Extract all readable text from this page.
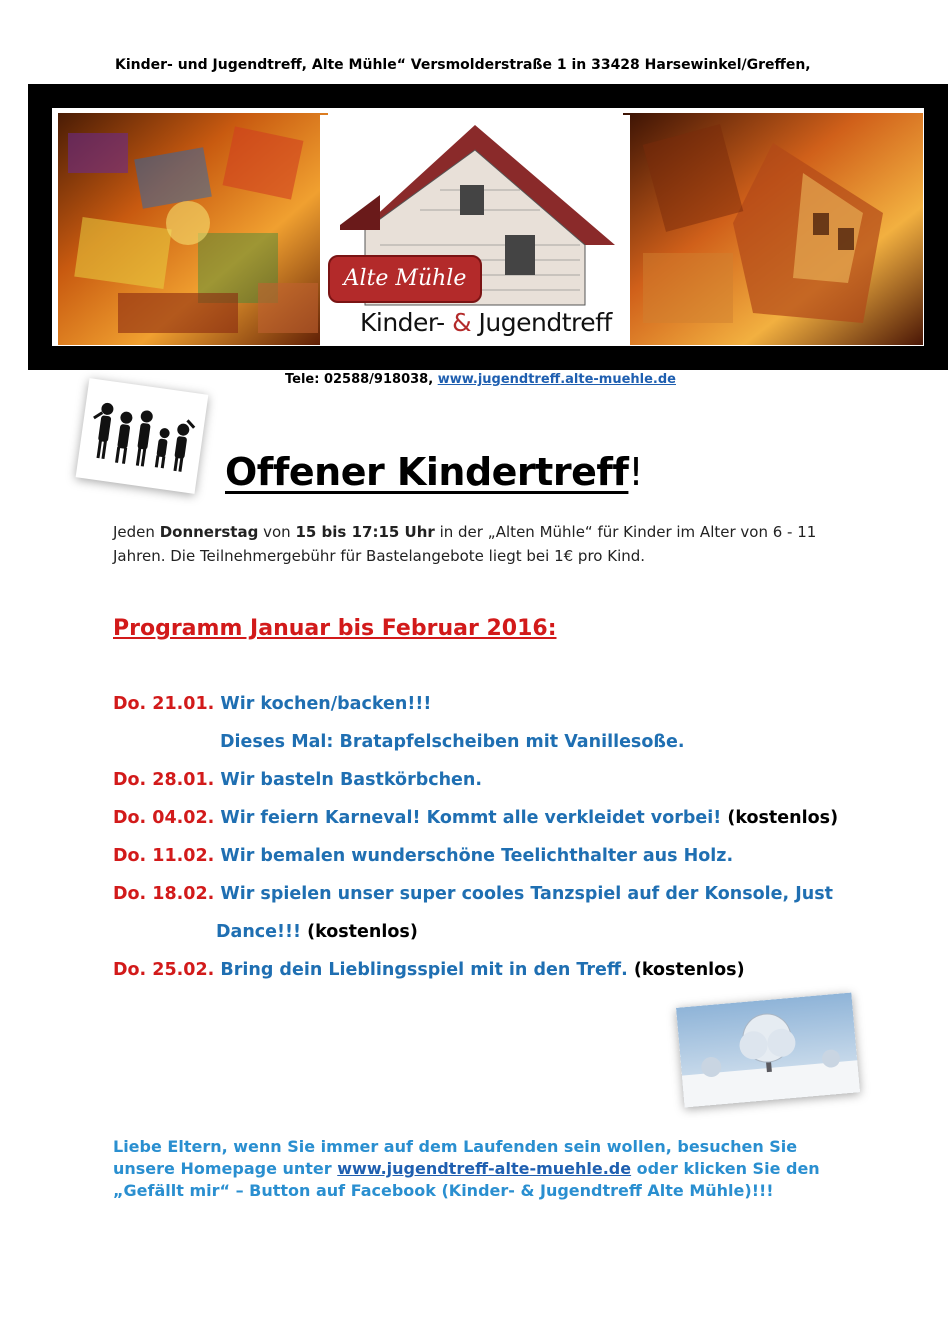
Kinder- und Jugendtreff, Alte Mühle“ Versmolderstraße 1 in 33428 Harsewinkel/Greffen,
Alte Mühle
Kinder- & Jugendtreff
Tele: 02588/918038, www.jugendtreff.alte-muehle.de
Offener Kindertreff!
Jeden Donnerstag von 15 bis 17:15 Uhr in der „Alten Mühle“ für Kinder im Alter von 6 - 11 Jahren. Die Teilnehmergebühr für Bastelangebote liegt bei 1€ pro Kind.
Programm Januar bis Februar 2016:
Do. 21.01. Wir kochen/backen!!!
Dieses Mal: Bratapfelscheiben mit Vanillesoße.
Do. 28.01. Wir basteln Bastkörbchen.
Do. 04.02. Wir feiern Karneval! Kommt alle verkleidet vorbei! (kostenlos)
Do. 11.02. Wir bemalen wunderschöne Teelichthalter aus Holz.
Do. 18.02. Wir spielen unser super cooles Tanzspiel auf der Konsole, Just
Dance!!! (kostenlos)
Do. 25.02. Bring dein Lieblingsspiel mit in den Treff. (kostenlos)
Liebe Eltern, wenn Sie immer auf dem Laufenden sein wollen, besuchen Sie unsere Homepage unter www.jugendtreff-alte-muehle.de oder klicken Sie den „Gefällt mir“ – Button auf Facebook (Kinder- & Jugendtreff Alte Mühle)!!!
